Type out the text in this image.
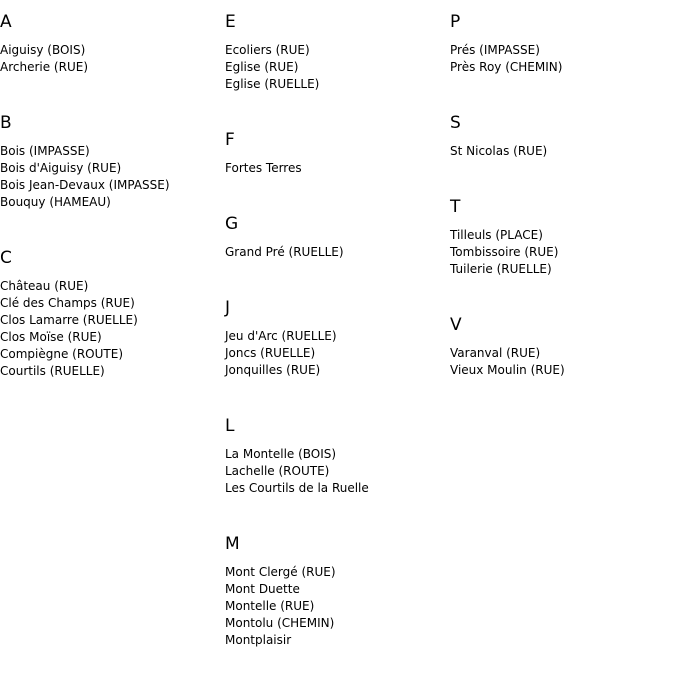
A
Aiguisy (BOIS)
Archerie (RUE)
B
Bois (IMPASSE)
Bois d'Aiguisy (RUE)
Bois Jean-Devaux (IMPASSE)
Bouquy (HAMEAU)
C
Château (RUE)
Clé des Champs (RUE)
Clos Lamarre (RUELLE)
Clos Moïse (RUE)
Compiègne (ROUTE)
Courtils (RUELLE)
E
Ecoliers (RUE)
Eglise (RUE)
Eglise (RUELLE)
F
Fortes Terres
G
Grand Pré (RUELLE)
J
Jeu d'Arc (RUELLE)
Joncs (RUELLE)
Jonquilles (RUE)
L
La Montelle (BOIS)
Lachelle (ROUTE)
Les Courtils de la Ruelle
M
Mont Clergé (RUE)
Mont Duette
Montelle (RUE)
Montolu (CHEMIN)
Montplaisir
P
Prés (IMPASSE)
Près Roy (CHEMIN)
S
St Nicolas (RUE)
T
Tilleuls (PLACE)
Tombissoire (RUE)
Tuilerie (RUELLE)
V
Varanval (RUE)
Vieux Moulin (RUE)
